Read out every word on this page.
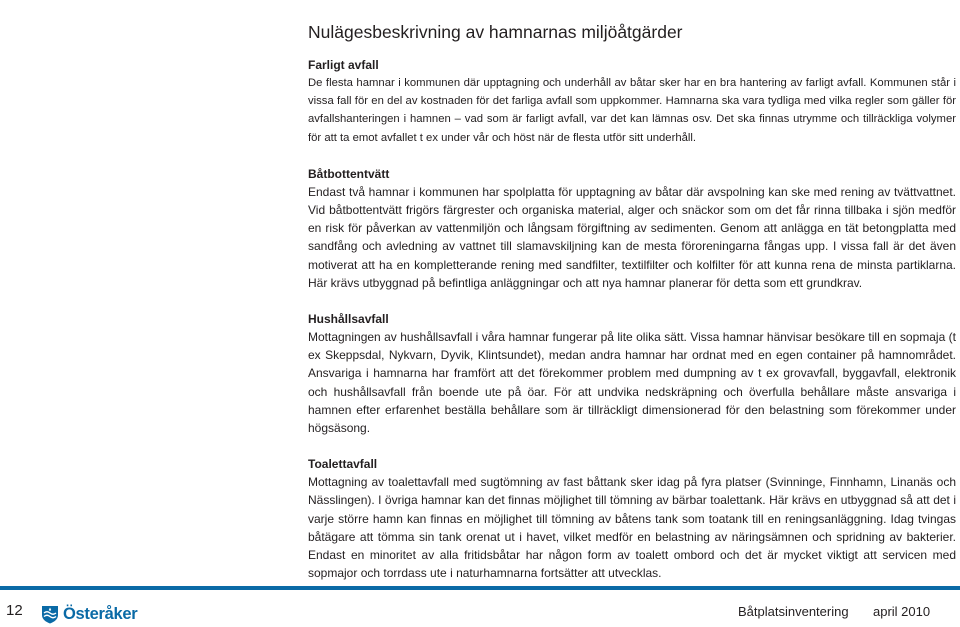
Nulägesbeskrivning av hamnarnas miljöåtgärder
Farligt avfall

De flesta hamnar i kommunen där upptagning och underhåll av båtar sker har en bra hantering av farligt avfall. Kommunen står i vissa fall för en del av kostnaden för det farliga avfall som uppkommer. Hamnarna ska vara tydliga med vilka regler som gäller för avfallshanteringen i hamnen – vad som är farligt avfall, var det kan lämnas osv. Det ska finnas utrymme och tillräckliga volymer för att ta emot avfallet t ex under vår och höst när de flesta utför sitt underhåll.

Båtbottentvätt

Endast två hamnar i kommunen har spolplatta för upptagning av båtar där avspolning kan ske med rening av tvättvattnet. Vid båtbottentvätt frigörs färgrester och organiska material, alger och snäckor som om det får rinna tillbaka i sjön medför en risk för påverkan av vattenmiljön och långsam förgiftning av sedimenten. Genom att anlägga en tät betongplatta med sandfång och avledning av vattnet till slamavskiljning kan de mesta föroreningarna fångas upp. I vissa fall är det även motiverat att ha en kompletterande rening med sandfilter, textilfilter och kolfilter för att kunna rena de minsta partiklarna. Här krävs utbyggnad på befintliga anläggningar och att nya hamnar planerar för detta som ett grundkrav.

Hushållsavfall

Mottagningen av hushållsavfall i våra hamnar fungerar på lite olika sätt. Vissa hamnar hänvisar besökare till en sopmaja (t ex Skeppsdal, Nykvarn, Dyvik, Klintsundet), medan andra hamnar har ordnat med en egen container på hamnområdet. Ansvariga i hamnarna har framfört att det förekommer problem med dumpning av t ex grovavfall, byggavfall, elektronik och hushållsavfall från boende ute på öar. För att undvika nedskräpning och överfulla behållare måste ansvariga i hamnen efter erfarenhet beställa behållare som är tillräckligt dimensionerad för den belastning som förekommer under högsäsong.

Toalettavfall

Mottagning av toalettavfall med sugtömning av fast båttank sker idag på fyra platser (Svinninge, Finnhamn, Linanäs och Nässlingen). I övriga hamnar kan det finnas möjlighet till tömning av bärbar toalettank. Här krävs en utbyggnad så att det i varje större hamn kan finnas en möjlighet till tömning av båtens tank som toatank till en reningsanläggning. Idag tvingas båtägare att tömma sin tank orenat ut i havet, vilket medför en belastning av näringsämnen och spridning av bakterier. Endast en minoritet av alla fritidsbåtar har någon form av toalett ombord och det är mycket viktigt att servicen med sopmajor och torrdass ute i naturhamnarna fortsätter att utvecklas.

12 Österåker	Båtplatsinventering april 2010
